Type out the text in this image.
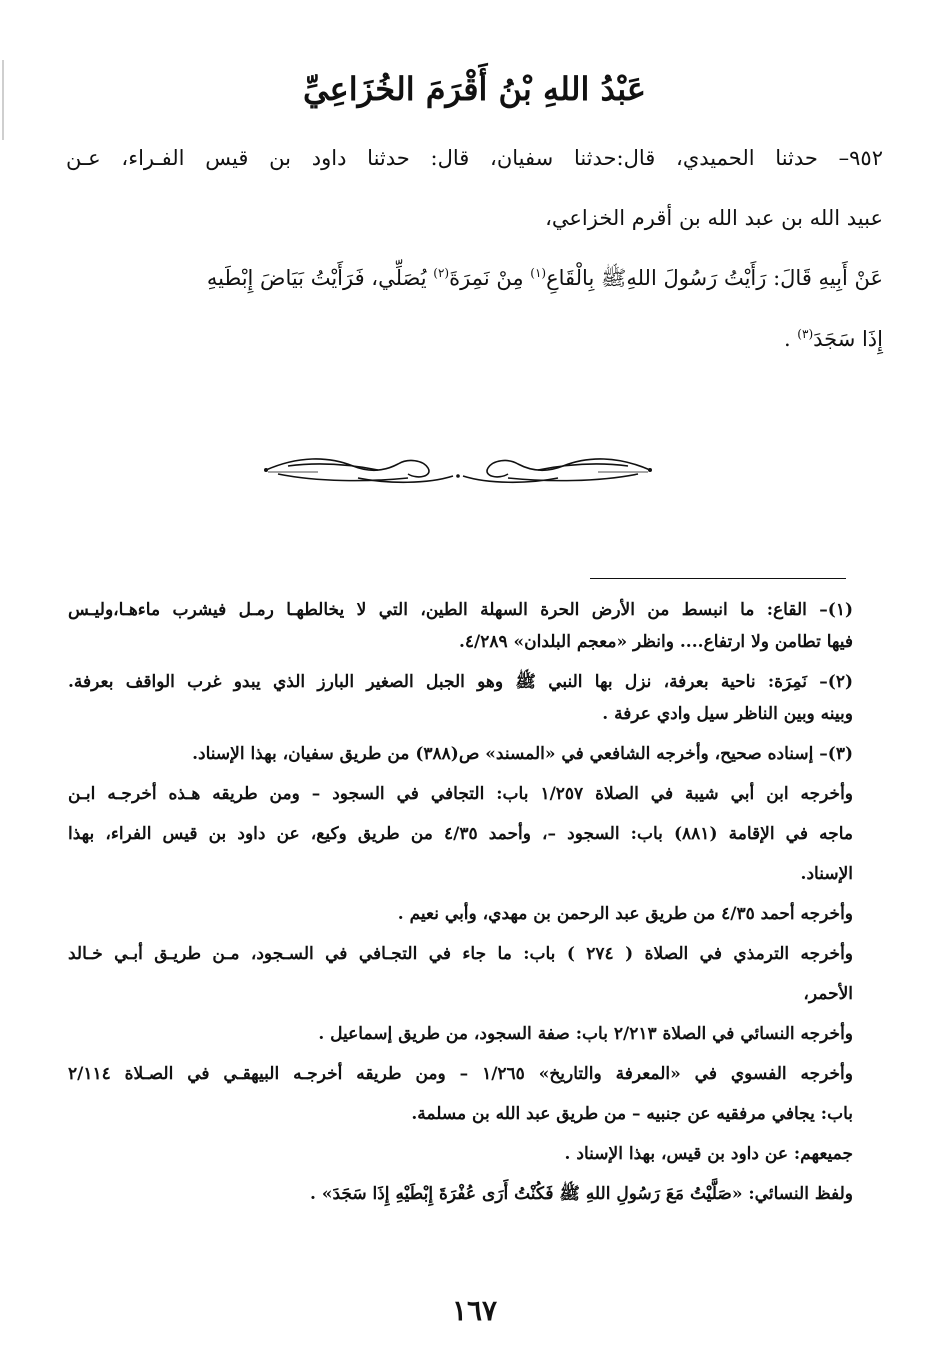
عَبْدُ اللهِ بْنُ أَقْرَمَ الخُزَاعِيِّ

٩٥٢– حدثنا الحميدي، قال:حدثنا سفيان، قال: حدثنا داود بن قيس الفـراء، عـن

عبيد الله بن عبد الله بن أقرم الخزاعي،

عَنْ أَبِيهِ قَالَ: رَأَيْتُ رَسُولَ اللهِﷺ بِالْقَاعِ$^{(١)}$ مِنْ نَمِرَةَ$^{(٢)}$ يُصَلِّي، فَرَأَيْتُ بَيَاضَ إِبْطَيهِ

إِذَا سَجَدَ$^{(٣)}$ .

(١)– القاع: ما انبسط من الأرض الحرة السهلة الطين، التي لا يخالطهـا رمـل فيشرب ماءهـا،وليـس

فيها تطامن ولا ارتفاع.... وانظر «معجم البلدان» ٤/٢٨٩.

(٢)– نَمِرَة: ناحية بعرفة، نزل بها النبي ﷺ وهو الجبل الصغير البارز الذي يبدو غرب الواقف بعرفة.

وبينه وبين الناظر سيل وادي عرفة .

(٣)– إسناده صحيح، وأخرجه الشافعي في «المسند» ص(٣٨٨) من طريق سفيان، بهذا الإسناد.

وأخرجه ابن أبي شيبة في الصلاة ١/٢٥٧ باب: التجافي في السجود – ومن طريقه هـذه أخرجـه ابـن

ماجه في الإقامة (٨٨١) باب: السجود –، وأحمد ٤/٣٥ من طريق وكيع، عن داود بن قيس الفراء، بهذا

الإسناد.

وأخرجه أحمد ٤/٣٥ من طريق عبد الرحمن بن مهدي، وأبي نعيم .

وأخرجه الترمذي في الصلاة ( ٢٧٤ ) باب: ما جاء في التجـافي في السـجود، مـن طريـق أبـي خـالد

الأحمر،

وأخرجه النسائي في الصلاة ٢/٢١٣ باب: صفة السجود، من طريق إسماعيل .

وأخرجه الفسوي في «المعرفة والتاريخ» ١/٢٦٥ – ومن طريقه أخرجـه البيهقـي في الصـلاة ٢/١١٤

باب: يجافي مرفقيه عن جنبيه – من طريق عبد الله بن مسلمة.

جميعهم: عن داود بن قيس، بهذا الإسناد .

ولفظ النسائي: «صَلَّيْتُ مَعَ رَسُولِ اللهِ ﷺ فَكُنْتُ أَرَى عُفْرَةَ إِبْطَيْهِ إِذَا سَجَدَ» .

١٦٧
